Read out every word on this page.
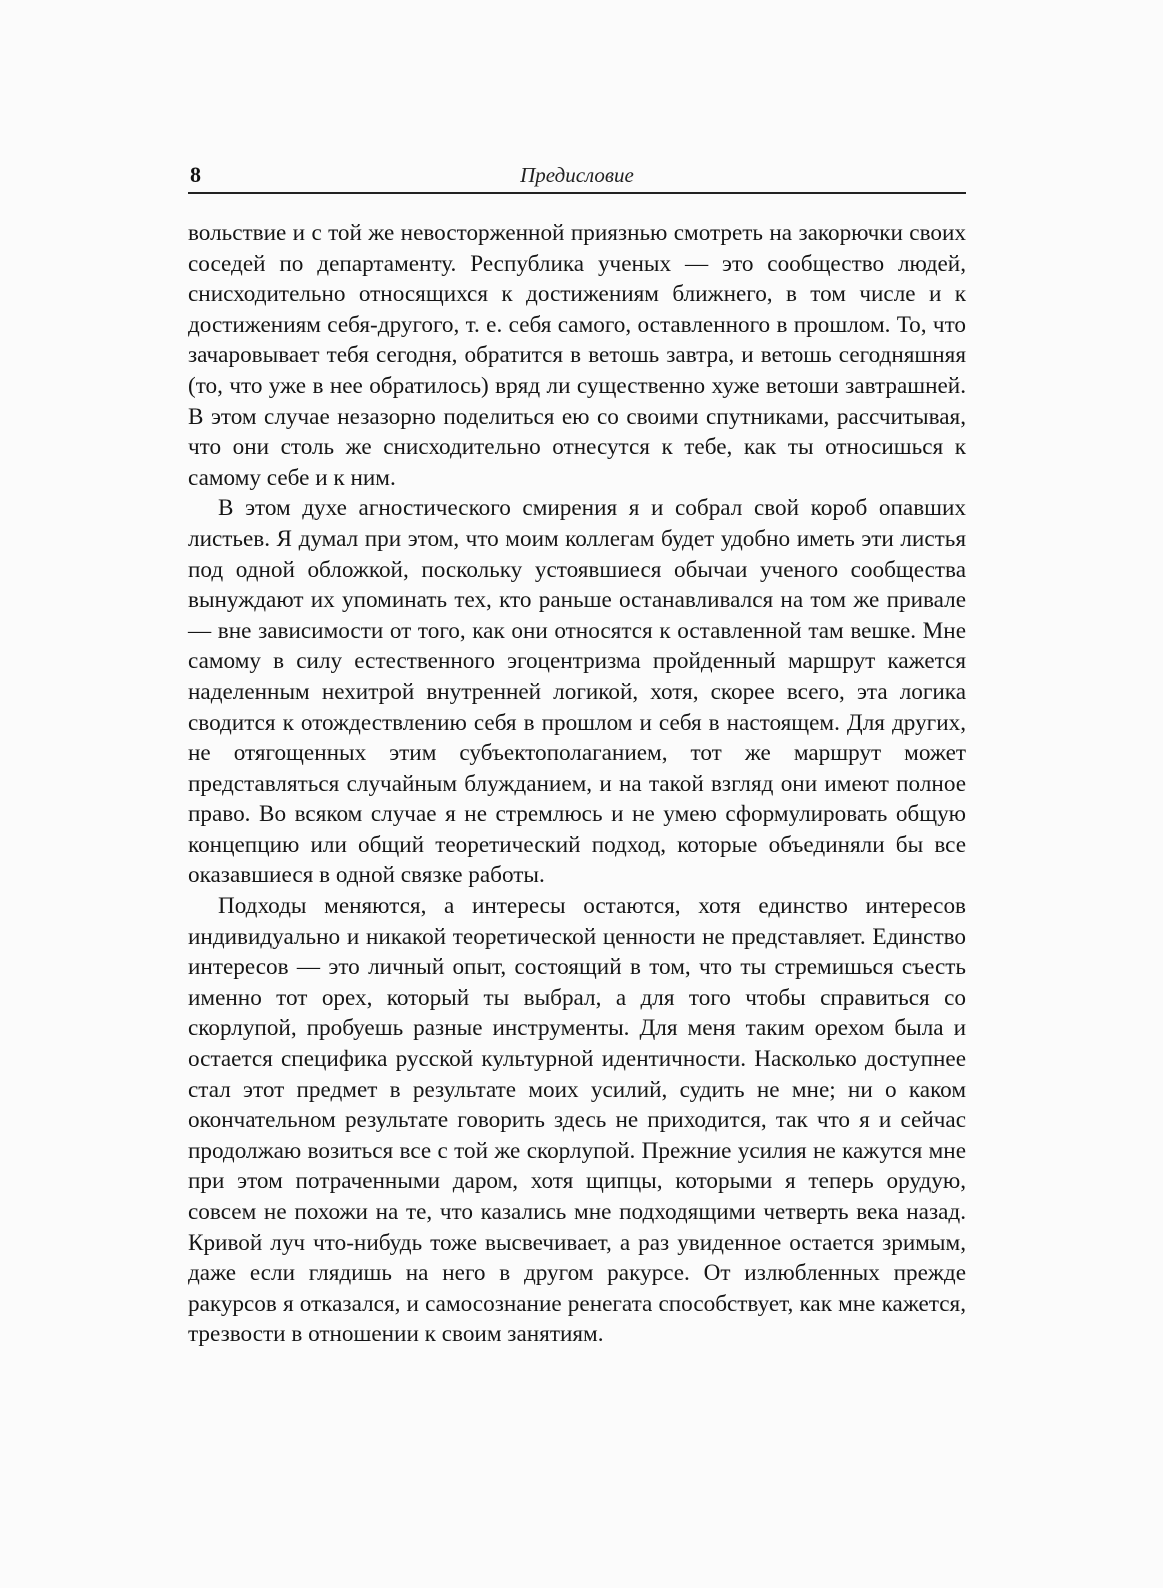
8	Предисловие

вольствие и с той же невосторженной приязнью смотреть на закорючки своих соседей по департаменту. Республика ученых — это сообщество людей, снисходительно относящихся к достижениям ближнего, в том числе и к достижениям себя-другого, т. е. себя самого, оставленного в прошлом. То, что зачаровывает тебя сегодня, обратится в ветошь завтра, и ветошь сегодняшняя (то, что уже в нее обратилось) вряд ли существенно хуже ветоши завтрашней. В этом случае незазорно поделиться ею со своими спутниками, рассчитывая, что они столь же снисходительно отнесутся к тебе, как ты относишься к самому себе и к ним.

В этом духе агностического смирения я и собрал свой короб опавших листьев. Я думал при этом, что моим коллегам будет удобно иметь эти листья под одной обложкой, поскольку устоявшиеся обычаи ученого сообщества вынуждают их упоминать тех, кто раньше останавливался на том же привале — вне зависимости от того, как они относятся к оставленной там вешке. Мне самому в силу естественного эгоцентризма пройденный маршрут кажется наделенным нехитрой внутренней логикой, хотя, скорее всего, эта логика сводится к отождествлению себя в прошлом и себя в настоящем. Для других, не отягощенных этим субъектополаганием, тот же маршрут может представляться случайным блужданием, и на такой взгляд они имеют полное право. Во всяком случае я не стремлюсь и не умею сформулировать общую концепцию или общий теоретический подход, которые объединяли бы все оказавшиеся в одной связке работы.

Подходы меняются, а интересы остаются, хотя единство интересов индивидуально и никакой теоретической ценности не представляет. Единство интересов — это личный опыт, состоящий в том, что ты стремишься съесть именно тот орех, который ты выбрал, а для того чтобы справиться со скорлупой, пробуешь разные инструменты. Для меня таким орехом была и остается специфика русской культурной идентичности. Насколько доступнее стал этот предмет в результате моих усилий, судить не мне; ни о каком окончательном результате говорить здесь не приходится, так что я и сейчас продолжаю возиться все с той же скорлупой. Прежние усилия не кажутся мне при этом потраченными даром, хотя щипцы, которыми я теперь орудую, совсем не похожи на те, что казались мне подходящими четверть века назад. Кривой луч что-нибудь тоже высвечивает, а раз увиденное остается зримым, даже если глядишь на него в другом ракурсе. От излюбленных прежде ракурсов я отказался, и самосознание ренегата способствует, как мне кажется, трезвости в отношении к своим занятиям.
